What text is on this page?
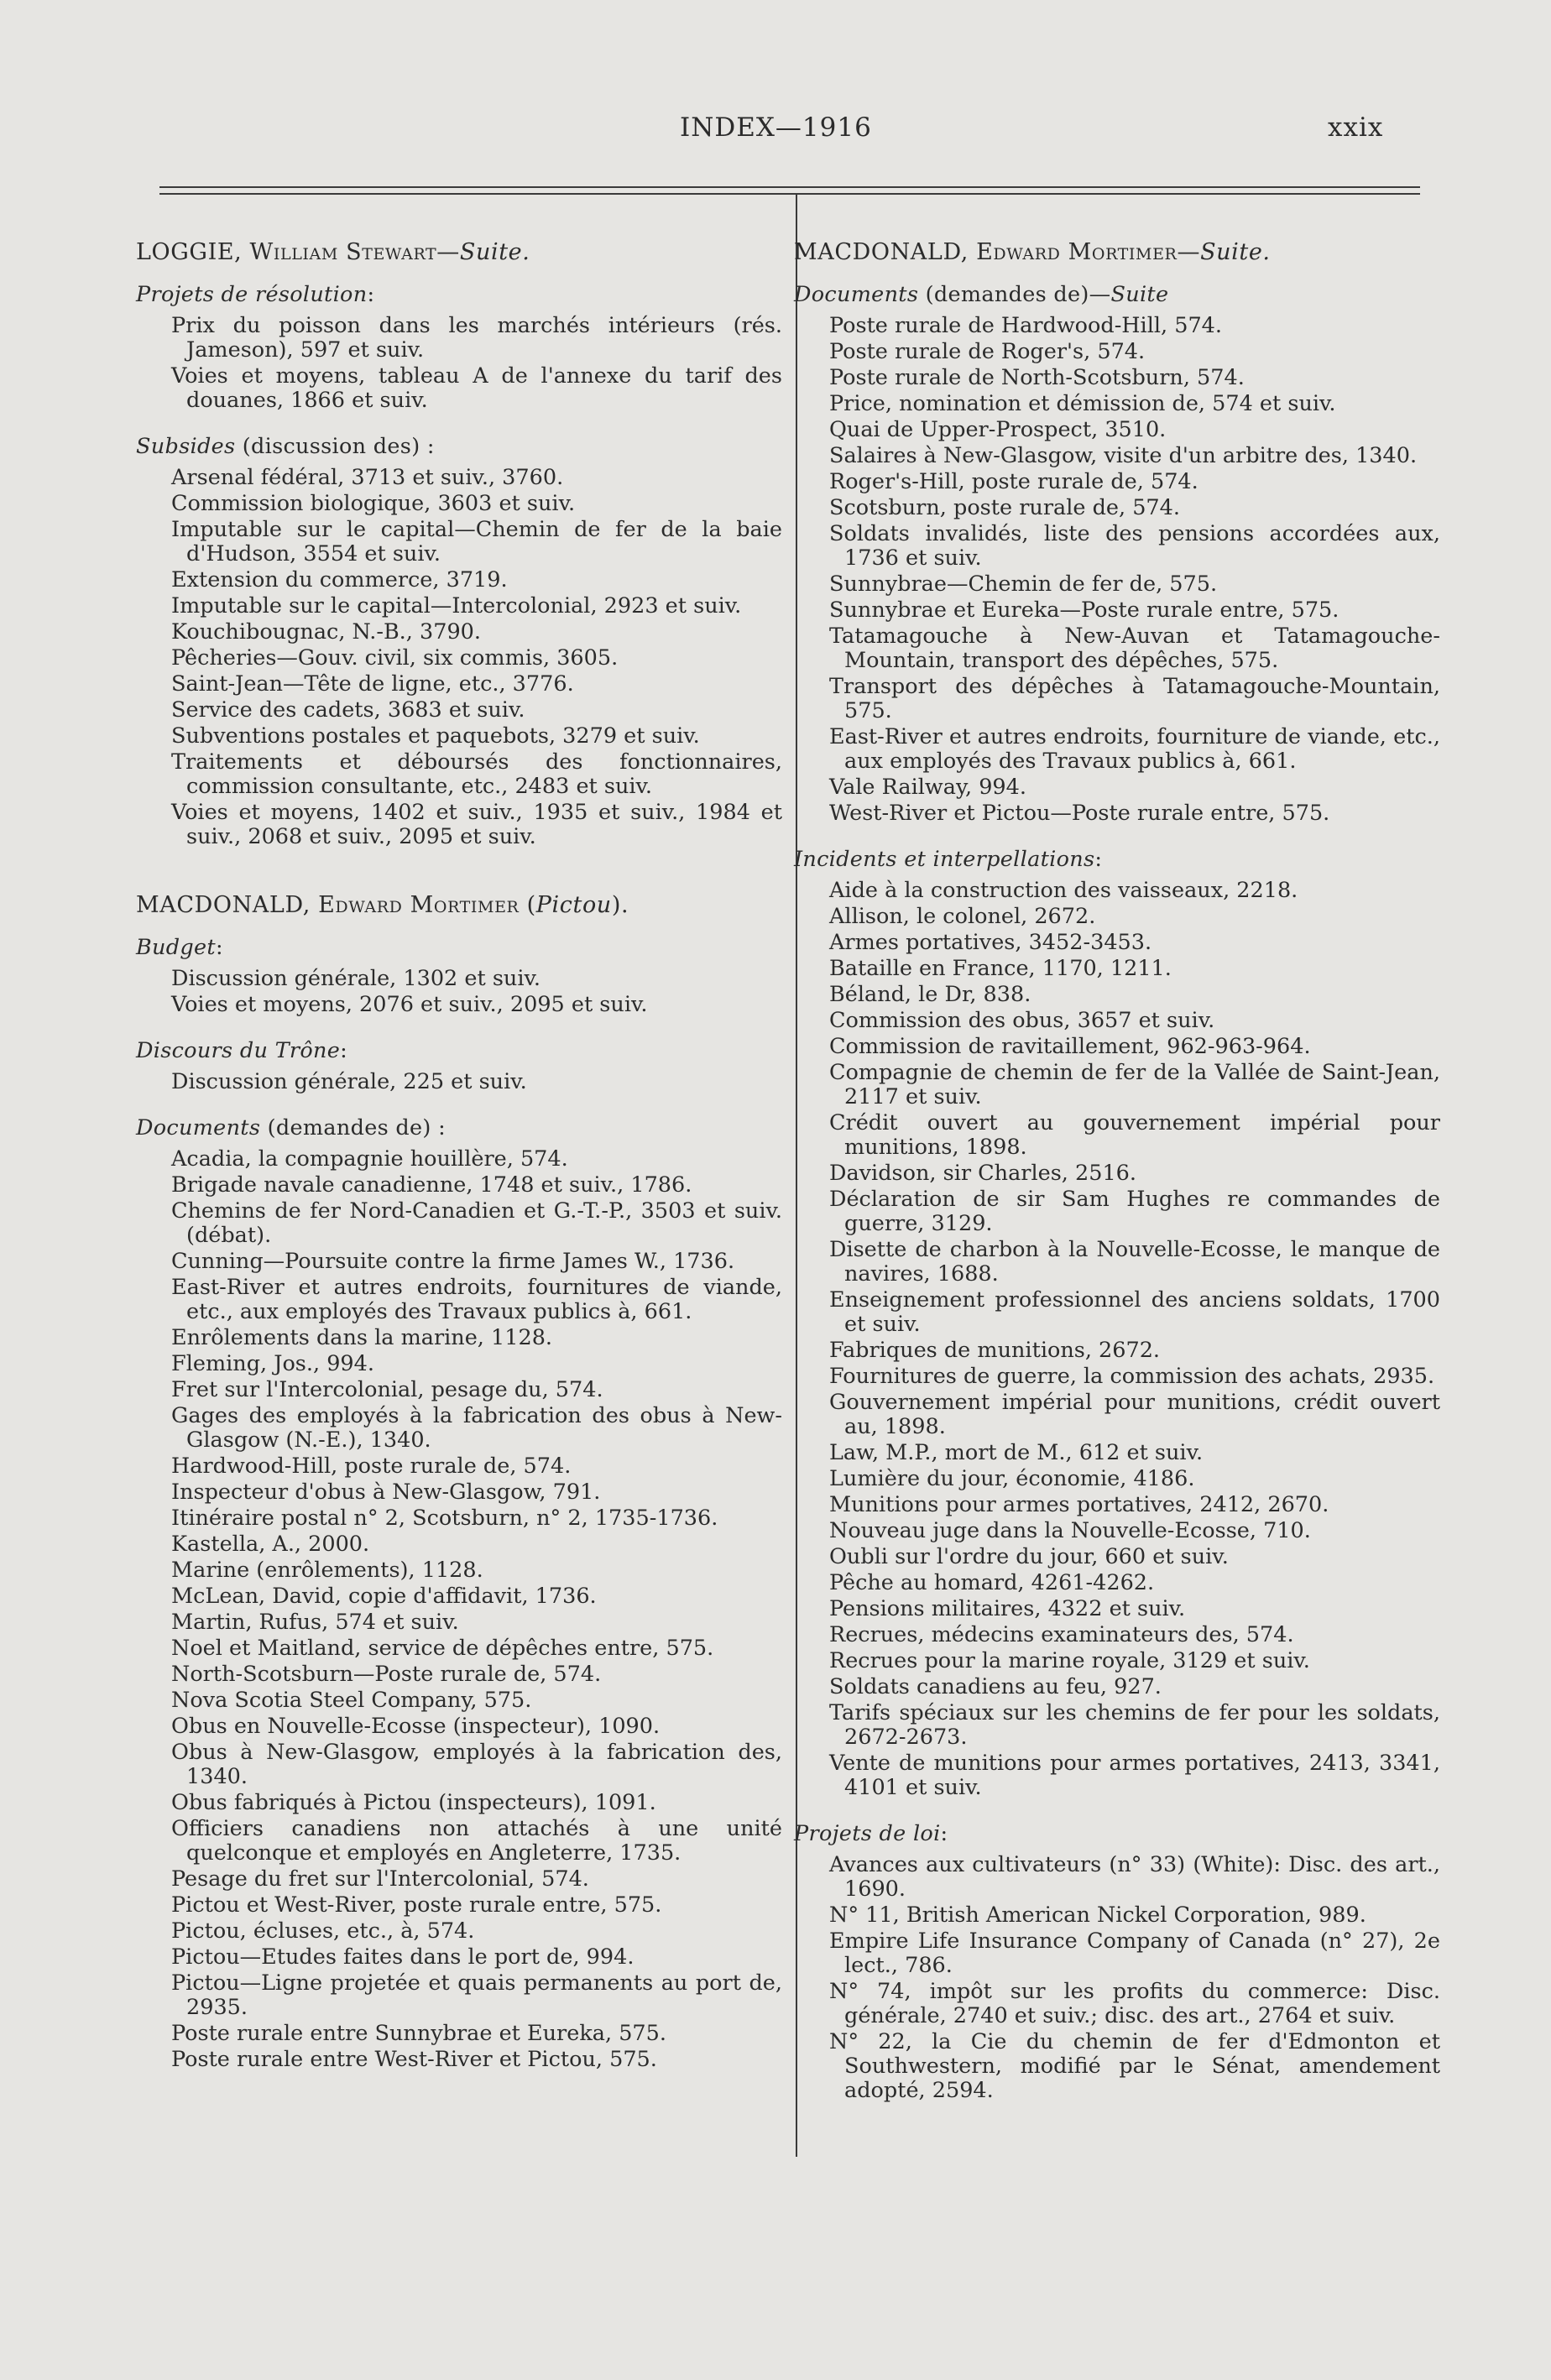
INDEX—1916	xxix
LOGGIE, William Stewart—Suite.
Projets de résolution:
Prix du poisson dans les marchés intérieurs (rés. Jameson), 597 et suiv.
Voies et moyens, tableau A de l'annexe du tarif des douanes, 1866 et suiv.
Subsides (discussion des) :
Arsenal fédéral, 3713 et suiv., 3760.
Commission biologique, 3603 et suiv.
Imputable sur le capital—Chemin de fer de la baie d'Hudson, 3554 et suiv.
Extension du commerce, 3719.
Imputable sur le capital—Intercolonial, 2923 et suiv.
Kouchibougnac, N.-B., 3790.
Pêcheries—Gouv. civil, six commis, 3605.
Saint-Jean—Tête de ligne, etc., 3776.
Service des cadets, 3683 et suiv.
Subventions postales et paquebots, 3279 et suiv.
Traitements et déboursés des fonctionnaires, commission consultante, etc., 2483 et suiv.
Voies et moyens, 1402 et suiv., 1935 et suiv., 1984 et suiv., 2068 et suiv., 2095 et suiv.
MACDONALD, Edward Mortimer (Pictou).
Budget:
Discussion générale, 1302 et suiv.
Voies et moyens, 2076 et suiv., 2095 et suiv.
Discours du Trône:
Discussion générale, 225 et suiv.
Documents (demandes de) :
Acadia, la compagnie houillère, 574.
Brigade navale canadienne, 1748 et suiv., 1786.
Chemins de fer Nord-Canadien et G.-T.-P., 3503 et suiv. (débat).
Cunning—Poursuite contre la firme James W., 1736.
East-River et autres endroits, fournitures de viande, etc., aux employés des Travaux publics à, 661.
Enrôlements dans la marine, 1128.
Fleming, Jos., 994.
Fret sur l'Intercolonial, pesage du, 574.
Gages des employés à la fabrication des obus à New-Glasgow (N.-E.), 1340.
Hardwood-Hill, poste rurale de, 574.
Inspecteur d'obus à New-Glasgow, 791.
Itinéraire postal n° 2, Scotsburn, n° 2, 1735-1736.
Kastella, A., 2000.
Marine (enrôlements), 1128.
McLean, David, copie d'affidavit, 1736.
Martin, Rufus, 574 et suiv.
Noel et Maitland, service de dépêches entre, 575.
North-Scotsburn—Poste rurale de, 574.
Nova Scotia Steel Company, 575.
Obus en Nouvelle-Ecosse (inspecteur), 1090.
Obus à New-Glasgow, employés à la fabrication des, 1340.
Obus fabriqués à Pictou (inspecteurs), 1091.
Officiers canadiens non attachés à une unité quelconque et employés en Angleterre, 1735.
Pesage du fret sur l'Intercolonial, 574.
Pictou et West-River, poste rurale entre, 575.
Pictou, écluses, etc., à, 574.
Pictou—Etudes faites dans le port de, 994.
Pictou—Ligne projetée et quais permanents au port de, 2935.
Poste rurale entre Sunnybrae et Eureka, 575.
Poste rurale entre West-River et Pictou, 575.
MACDONALD, Edward Mortimer—Suite.
Documents (demandes de)—Suite
Poste rurale de Hardwood-Hill, 574.
Poste rurale de Roger's, 574.
Poste rurale de North-Scotsburn, 574.
Price, nomination et démission de, 574 et suiv.
Quai de Upper-Prospect, 3510.
Salaires à New-Glasgow, visite d'un arbitre des, 1340.
Roger's-Hill, poste rurale de, 574.
Scotsburn, poste rurale de, 574.
Soldats invalidés, liste des pensions accordées aux, 1736 et suiv.
Sunnybrae—Chemin de fer de, 575.
Sunnybrae et Eureka—Poste rurale entre, 575.
Tatamagouche à New-Auvan et Tatamagouche-Mountain, transport des dépêches, 575.
Transport des dépêches à Tatamagouche-Mountain, 575.
East-River et autres endroits, fourniture de viande, etc., aux employés des Travaux publics à, 661.
Vale Railway, 994.
West-River et Pictou—Poste rurale entre, 575.
Incidents et interpellations:
Aide à la construction des vaisseaux, 2218.
Allison, le colonel, 2672.
Armes portatives, 3452-3453.
Bataille en France, 1170, 1211.
Béland, le Dr, 838.
Commission des obus, 3657 et suiv.
Commission de ravitaillement, 962-963-964.
Compagnie de chemin de fer de la Vallée de Saint-Jean, 2117 et suiv.
Crédit ouvert au gouvernement impérial pour munitions, 1898.
Davidson, sir Charles, 2516.
Déclaration de sir Sam Hughes re commandes de guerre, 3129.
Disette de charbon à la Nouvelle-Ecosse, le manque de navires, 1688.
Enseignement professionnel des anciens soldats, 1700 et suiv.
Fabriques de munitions, 2672.
Fournitures de guerre, la commission des achats, 2935.
Gouvernement impérial pour munitions, crédit ouvert au, 1898.
Law, M.P., mort de M., 612 et suiv.
Lumière du jour, économie, 4186.
Munitions pour armes portatives, 2412, 2670.
Nouveau juge dans la Nouvelle-Ecosse, 710.
Oubli sur l'ordre du jour, 660 et suiv.
Pêche au homard, 4261-4262.
Pensions militaires, 4322 et suiv.
Recrues, médecins examinateurs des, 574.
Recrues pour la marine royale, 3129 et suiv.
Soldats canadiens au feu, 927.
Tarifs spéciaux sur les chemins de fer pour les soldats, 2672-2673.
Vente de munitions pour armes portatives, 2413, 3341, 4101 et suiv.
Projets de loi:
Avances aux cultivateurs (n° 33) (White): Disc. des art., 1690.
N° 11, British American Nickel Corporation, 989.
Empire Life Insurance Company of Canada (n° 27), 2e lect., 786.
N° 74, impôt sur les profits du commerce: Disc. générale, 2740 et suiv.; disc. des art., 2764 et suiv.
N° 22, la Cie du chemin de fer d'Edmonton et Southwestern, modifié par le Sénat, amendement adopté, 2594.
